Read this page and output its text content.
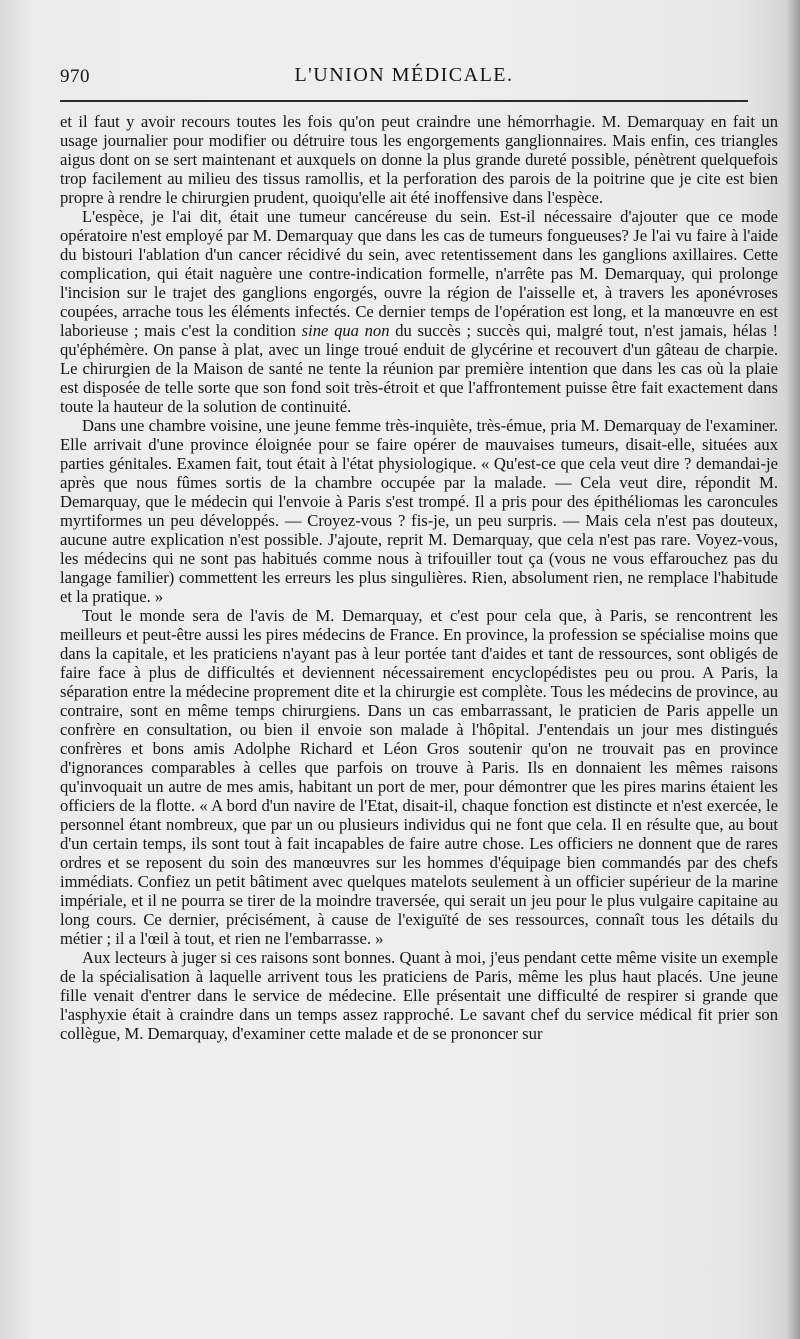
970	L'UNION MÉDICALE.

et il faut y avoir recours toutes les fois qu'on peut craindre une hémorrhagie. M. Demarquay en fait un usage journalier pour modifier ou détruire tous les engorgements ganglionnaires. Mais enfin, ces triangles aigus dont on se sert maintenant et auxquels on donne la plus grande dureté possible, pénètrent quelquefois trop facilement au milieu des tissus ramollis, et la perforation des parois de la poitrine que je cite est bien propre à rendre le chirurgien prudent, quoiqu'elle ait été inoffensive dans l'espèce.

L'espèce, je l'ai dit, était une tumeur cancéreuse du sein. Est-il nécessaire d'ajouter que ce mode opératoire n'est employé par M. Demarquay que dans les cas de tumeurs fongueuses? Je l'ai vu faire à l'aide du bistouri l'ablation d'un cancer récidivé du sein, avec retentissement dans les ganglions axillaires. Cette complication, qui était naguère une contre-indication formelle, n'arrête pas M. Demarquay, qui prolonge l'incision sur le trajet des ganglions engorgés, ouvre la région de l'aisselle et, à travers les aponévroses coupées, arrache tous les éléments infectés. Ce dernier temps de l'opération est long, et la manœuvre en est laborieuse ; mais c'est la condition sine qua non du succès ; succès qui, malgré tout, n'est jamais, hélas ! qu'éphémère. On panse à plat, avec un linge troué enduit de glycérine et recouvert d'un gâteau de charpie. Le chirurgien de la Maison de santé ne tente la réunion par première intention que dans les cas où la plaie est disposée de telle sorte que son fond soit très-étroit et que l'affrontement puisse être fait exactement dans toute la hauteur de la solution de continuité.

Dans une chambre voisine, une jeune femme très-inquiète, très-émue, pria M. Demarquay de l'examiner. Elle arrivait d'une province éloignée pour se faire opérer de mauvaises tumeurs, disait-elle, situées aux parties génitales. Examen fait, tout était à l'état physiologique. « Qu'est-ce que cela veut dire ? demandai-je après que nous fûmes sortis de la chambre occupée par la malade. — Cela veut dire, répondit M. Demarquay, que le médecin qui l'envoie à Paris s'est trompé. Il a pris pour des épithéliomas les caroncules myrtiformes un peu développés. — Croyez-vous ? fis-je, un peu surpris. — Mais cela n'est pas douteux, aucune autre explication n'est possible. J'ajoute, reprit M. Demarquay, que cela n'est pas rare. Voyez-vous, les médecins qui ne sont pas habitués comme nous à trifouiller tout ça (vous ne vous effarouchez pas du langage familier) commettent les erreurs les plus singulières. Rien, absolument rien, ne remplace l'habitude et la pratique. »

Tout le monde sera de l'avis de M. Demarquay, et c'est pour cela que, à Paris, se rencontrent les meilleurs et peut-être aussi les pires médecins de France. En province, la profession se spécialise moins que dans la capitale, et les praticiens n'ayant pas à leur portée tant d'aides et tant de ressources, sont obligés de faire face à plus de difficultés et deviennent nécessairement encyclopédistes peu ou prou. A Paris, la séparation entre la médecine proprement dite et la chirurgie est complète. Tous les médecins de province, au contraire, sont en même temps chirurgiens. Dans un cas embarrassant, le praticien de Paris appelle un confrère en consultation, ou bien il envoie son malade à l'hôpital. J'entendais un jour mes distingués confrères et bons amis Adolphe Richard et Léon Gros soutenir qu'on ne trouvait pas en province d'ignorances comparables à celles que parfois on trouve à Paris. Ils en donnaient les mêmes raisons qu'invoquait un autre de mes amis, habitant un port de mer, pour démontrer que les pires marins étaient les officiers de la flotte. « A bord d'un navire de l'Etat, disait-il, chaque fonction est distincte et n'est exercée, le personnel étant nombreux, que par un ou plusieurs individus qui ne font que cela. Il en résulte que, au bout d'un certain temps, ils sont tout à fait incapables de faire autre chose. Les officiers ne donnent que de rares ordres et se reposent du soin des manœuvres sur les hommes d'équipage bien commandés par des chefs immédiats. Confiez un petit bâtiment avec quelques matelots seulement à un officier supérieur de la marine impériale, et il ne pourra se tirer de la moindre traversée, qui serait un jeu pour le plus vulgaire capitaine au long cours. Ce dernier, précisément, à cause de l'exiguïté de ses ressources, connaît tous les détails du métier ; il a l'œil à tout, et rien ne l'embarrasse. »

Aux lecteurs à juger si ces raisons sont bonnes. Quant à moi, j'eus pendant cette même visite un exemple de la spécialisation à laquelle arrivent tous les praticiens de Paris, même les plus haut placés. Une jeune fille venait d'entrer dans le service de médecine. Elle présentait une difficulté de respirer si grande que l'asphyxie était à craindre dans un temps assez rapproché. Le savant chef du service médical fit prier son collègue, M. Demarquay, d'examiner cette malade et de se prononcer sur
